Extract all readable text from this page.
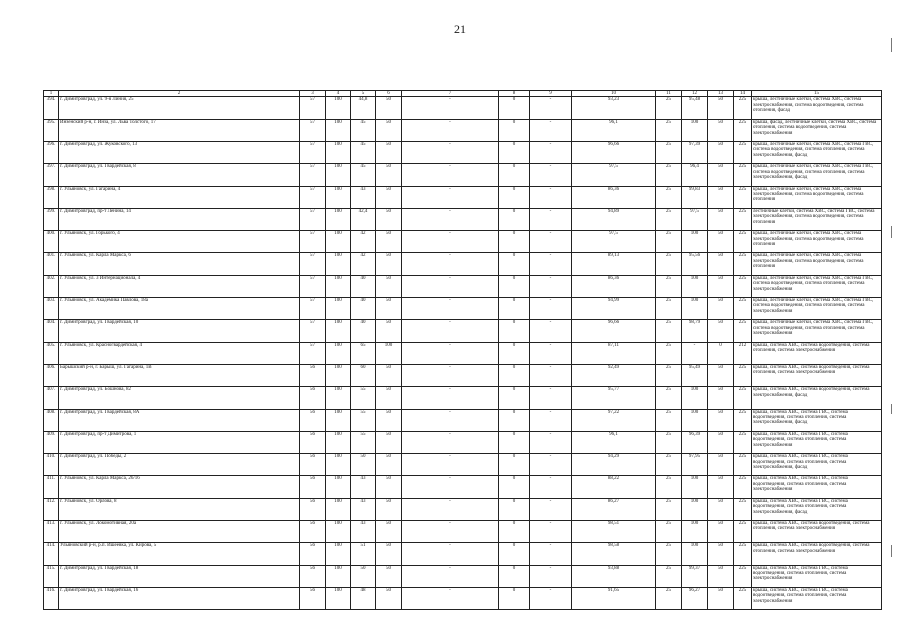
21
1	2	3	4	5	6	7	8	9	10	11	12	13	14	15
394.	г. Димитровград, ул. 9-я Линия, 25	57	100	44,8	50	-	0	-	93,23	25	95,48	50	225	крыша, лестничные клетки, система ХВС, система электроснабжения, система водоотведения, система отопления, фасад
395.	Инзенский р-н, г. Инза, ул. Льва Толстого, 17	57	100	45	50	-	0	-	96,1	25	100	50	225	крыша, фасад, лестничные клетки, система ХВС, система отопления, система водоотведения, система электроснабжения
396.	г. Димитровград, ул. Жуковского, 13	57	100	45	50	-	0	-	96,66	25	97,39	50	225	крыша, лестничные клетки, система ХВС, система ГВС, система водоотведения, система отопления, система электроснабжения, фасад
397.	г. Димитровград, ул. Гвардейская, 8	57	100	45	50	-	0	-	97,5	25	96,4	50	225	крыша, лестничные клетки, система ХВС, система ГВС, система водоотведения, система отопления, система электроснабжения, фасад
398.	г. Ульяновск, ул. Гагарина, 4	57	100	43	50	-	0	-	86,36	25	99,83	50	225	крыша, лестничные клетки, система ХВС, система электроснабжения, система водоотведения, система отопления
399.	г. Димитровград, пр-т Ленина, 14	57	100	42,4	50	-	0	-	94,89	25	97,5	50	225	лестничные клетки, система ХВС, система ГВС, система электроснабжения, система водоотведения, система отопления
400.	г. Ульяновск, ул. Горького, 4	57	100	42	50	-	0	-	97,5	25	100	50	225	крыша, лестничные клетки, система ХВС, система электроснабжения, система водоотведения, система отопления
401.	г. Ульяновск, ул. Карла Маркса, 6	57	100	42	50	-	0	-	89,13	25	95,56	50	225	крыша, лестничные клетки, система ХВС, система электроснабжения, система водоотведения, система отопления
402.	г. Ульяновск, ул. 3 Интернационала, 4	57	100	40	50	-	0	-	86,36	25	100	50	225	крыша, лестничные клетки, система ХВС, система ГВС, система водоотведения, система отопления, система электроснабжения
403.	г. Ульяновск, ул. Академика Павлова, 18а	57	100	40	50	-	0	-	94,99	25	100	50	225	крыша, лестничные клетки, система ХВС, система ГВС, система водоотведения, система отопления, система электроснабжения
404.	г. Димитровград, ул. Гвардейская, 10	57	100	40	50	-	0	-	96,66	25	98,79	50	225	крыша, лестничные клетки, система ХВС, система ГВС, система водоотведения, система отопления, система электроснабжения
405.	г. Ульяновск, ул. Красногвардейская, 4	57	100	65	100	-	0	-	87,11	25	-	0	212	крыша, система ХВС, система водоотведения, система отопления, система электроснабжения
406.	Барышский р-н, г. Барыш, ул. Гагарина, 1В	56	100	60	50	-	0	-	92,49	25	95,49	50	225	крыша, система ХВС, система водоотведения, система отопления, система электроснабжения
407.	г. Димитровград, ул. Бошнова, 82	56	100	55	50	-	0	-	95,77	25	100	50	225	крыша, система ХВС, система водоотведения, система электроснабжения, фасад
408.	г. Димитровград, ул. Гвардейская, 8А	56	100	55	50	-	0	-	97,22	25	100	50	225	крыша, система ХВС, система ГВС, система водоотведения, система отопления, система электроснабжения, фасад
409.	г. Димитровград, пр-т Димитрова, 1	56	100	55	50	-	0	-	96,1	25	96,39	50	225	крыша, система ХВС, система ГВС, система водоотведения, система отопления, система электроснабжения
410.	г. Димитровград, ул. Победы, 2	56	100	50	50	-	0	-	94,29	25	97,95	50	225	крыша, система ХВС, система ГВС, система водоотведения, система отопления, система электроснабжения, фасад
411.	г. Ульяновск, ул. Карла Маркса, 26/16	56	100	43	50	-	0	-	88,22	25	100	50	225	крыша, система ХВС, система ГВС, система водоотведения, система отопления, система электроснабжения
412.	г. Ульяновск, ул. Орлова, 8	56	100	43	50	-	0	-	86,27	25	100	50	225	крыша, система ХВС, система ГВС, система водоотведения, система отопления, система электроснабжения, фасад
413.	г. Ульяновск, ул. Локомотивная, 20а	56	100	43	50	-	0	-	98,51	25	100	50	225	крыша, система ХВС, система водоотведения, система отопления, система электроснабжения
414.	Ульяновский р-н, р.п. Ишеевка, ул. Кирова, 5	56	100	51	50	-	0	-	98,58	25	100	50	225	крыша, система ХВС, система водоотведения, система отопления, система электроснабжения
415.	г. Димитровград, ул. Гвардейская, 18	56	100	50	50	-	0	-	93,88	25	99,37	50	225	крыша, система ХВС, система ГВС, система водоотведения, система отопления, система электроснабжения
416.	г. Димитровград, ул. Гвардейская, 16	56	100	48	50	-	0	-	91,65	25	96,27	50	225	крыша, система ХВС, система ГВС, система водоотведения, система отопления, система электроснабжения
